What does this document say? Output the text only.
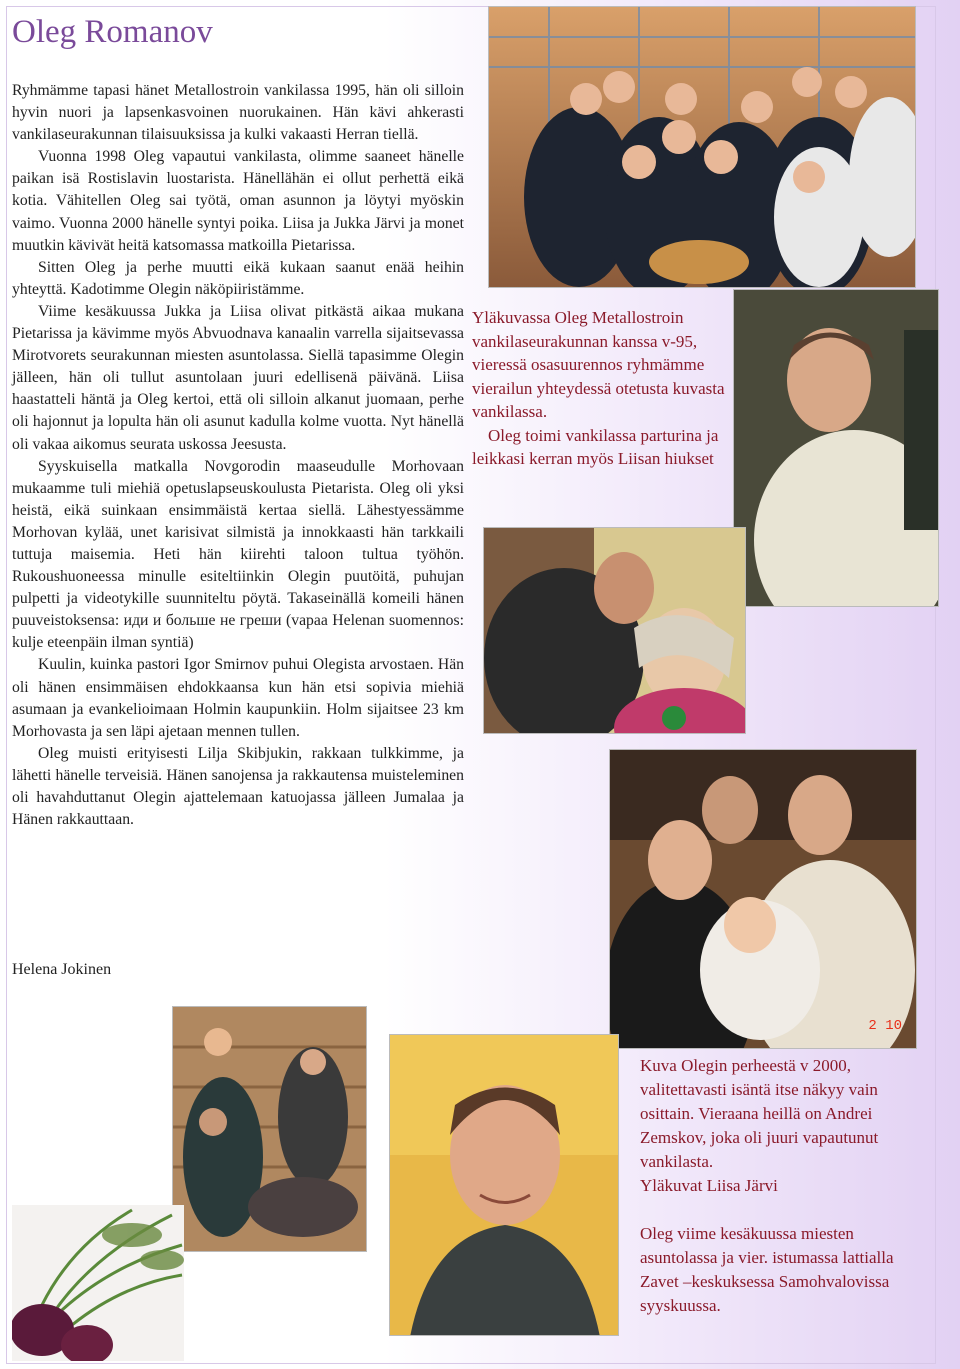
Oleg Romanov

Ryhmämme tapasi hänet Metallostroin vankilassa 1995, hän oli silloin hyvin nuori ja lapsenkasvoinen nuorukainen. Hän kävi ahkerasti vankilaseurakunnan tilaisuuksissa ja kulki vakaasti Herran tiellä.

Vuonna 1998 Oleg vapautui vankilasta, olimme saaneet hänelle paikan isä Rostislavin luostarista. Hänellähän ei ollut perhettä eikä kotia. Vähitellen Oleg sai työtä, oman asunnon ja löytyi myöskin vaimo. Vuonna 2000 hänelle syntyi poika. Liisa ja Jukka Järvi ja monet muutkin kävivät heitä katsomassa matkoilla Pietarissa.

Sitten Oleg ja perhe muutti eikä kukaan saanut enää heihin yhteyttä. Kadotimme Olegin näköpiiristämme.

Viime kesäkuussa Jukka ja Liisa olivat pitkästä aikaa mukana Pietarissa ja kävimme myös Abvuodnava kanaalin varrella sijaitsevassa Mirotvorets seurakunnan miesten asuntolassa. Siellä tapasimme Olegin jälleen, hän oli tullut asuntolaan juuri edellisenä päivänä. Liisa haastatteli häntä ja Oleg kertoi, että oli silloin alkanut juomaan, perhe oli hajonnut ja lopulta hän oli asunut kadulla kolme vuotta. Nyt hänellä oli vakaa aikomus seurata uskossa Jeesusta.

Syyskuisella matkalla Novgorodin maaseudulle Morhovaan mukaamme tuli miehiä opetuslapseuskoulusta Pietarista. Oleg oli yksi heistä, eikä suinkaan ensimmäistä kertaa siellä. Lähestyessämme Morhovan kylää, unet karisivat silmistä ja innokkaasti hän tarkkaili tuttuja maisemia. Heti hän kiirehti taloon tultua työhön. Rukoushuoneessa minulle esiteltiinkin Olegin puutöitä, puhujan pulpetti ja videotykille suunniteltu pöytä. Takaseinällä komeili hänen puuveistoksensa: иди и больше не греши (vapaa Helenan suomennos: kulje eteenpäin ilman syntiä)

Kuulin, kuinka pastori Igor Smirnov puhui Olegista arvostaen. Hän oli hänen ensimmäisen ehdokkaansa kun hän etsi sopivia miehiä asumaan ja evankelioimaan Holmin kaupunkiin. Holm sijaitsee 23 km Morhovasta ja sen läpi ajetaan mennen tullen.

Oleg muisti erityisesti Lilja Skibjukin, rakkaan tulkkimme, ja lähetti hänelle terveisiä. Hänen sanojensa ja rakkautensa muisteleminen oli havahduttanut Olegin ajattelemaan katuojassa jälleen Jumalaa ja Hänen rakkauttaan.

Helena Jokinen
2 10

Yläkuvassa Oleg Metallostroin vankilaseurakunnan kanssa v-95, vieressä osasuurennos ryhmämme vierailun yhteydessä otetusta kuvasta vankilassa.

Oleg toimi vankilassa parturina ja leikkasi kerran myös Liisan hiukset

Kuva Olegin perheestä v 2000, valitettavasti isäntä itse näkyy vain osittain. Vieraana heillä on Andrei Zemskov, joka oli juuri vapautunut vankilasta.

Yläkuvat Liisa Järvi

Oleg viime kesäkuussa miesten asuntolassa ja vier. istumassa lattialla Zavet –keskuksessa Samohvalovissa syyskuussa.
